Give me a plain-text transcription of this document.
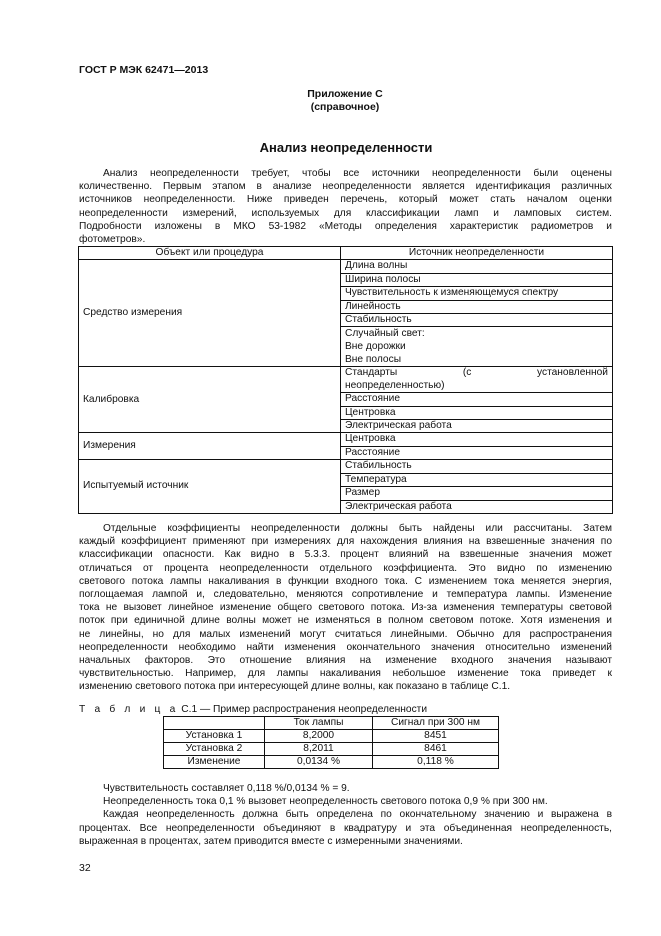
ГОСТ Р МЭК 62471—2013
Приложение С
(справочное)
Анализ неопределенности
Анализ неопределенности требует, чтобы все источники неопределенности были оценены
количественно. Первым этапом в анализе неопределенности является идентификация различных
источников неопределенности. Ниже приведен перечень, который может стать началом оценки
неопределенности измерений, используемых для классификации ламп и ламповых систем.
Подробности изложены в МКО 53-1982 «Методы определения характеристик радиометров и
фотометров».
Объект или процедура	Источник неопределенности
Средство измерения	Длина волны
	Ширина полосы
	Чувствительность к изменяющемуся спектру
	Линейность
	Стабильность

	Случайный свет:
Вне дорожки
Вне полосы

Калибровка	Стандарты (с установленной
неопределенностью)

	Расстояние
	Центровка
	Электрическая работа
Измерения	Центровка
	Расстояние
Испытуемый источник	Стабильность
	Температура
	Размер
	Электрическая работа
Отдельные коэффициенты неопределенности должны быть найдены или рассчитаны. Затем
каждый коэффициент применяют при измерениях для нахождения влияния на взвешенные значения по
классификации опасности. Как видно в 5.3.3. процент влияний на взвешенные значения может
отличаться от процента неопределенности отдельного коэффициента. Это видно по изменению
светового потока лампы накаливания в функции входного тока. С изменением тока меняется энергия,
поглощаемая лампой и, следовательно, меняются сопротивление и температура лампы. Изменение
тока не вызовет линейное изменение общего светового потока. Из-за изменения температуры световой
поток при единичной длине волны может не изменяться в полном световом потоке. Хотя изменения и
не линейны, но для малых изменений могут считаться линейными. Обычно для распространения
неопределенности необходимо найти изменения окончательного значения относительно изменений
начальных факторов. Это отношение влияния на изменение входного значения называют
чувствительностью. Например, для лампы накаливания небольшое изменение тока приведет к
изменению светового потока при интересующей длине волны, как показано в таблице С.1.
Т а б л и ц а С.1 — Пример распространения неопределенности
	Ток лампы	Сигнал при 300 нм
Установка 1	8,2000	8451
Установка 2	8,2011	8461
Изменение	0,0134 %	0,118 %
Чувствительность составляет 0,118 %/0,0134 % = 9.
Неопределенность тока 0,1 % вызовет неопределенность светового потока 0,9 % при 300 нм.
Каждая неопределенность должна быть определена по окончательному значению и выражена в
процентах. Все неопределенности объединяют в квадратуру и эта объединенная неопределенность,
выраженная в процентах, затем приводится вместе с измеренными значениями.
32
